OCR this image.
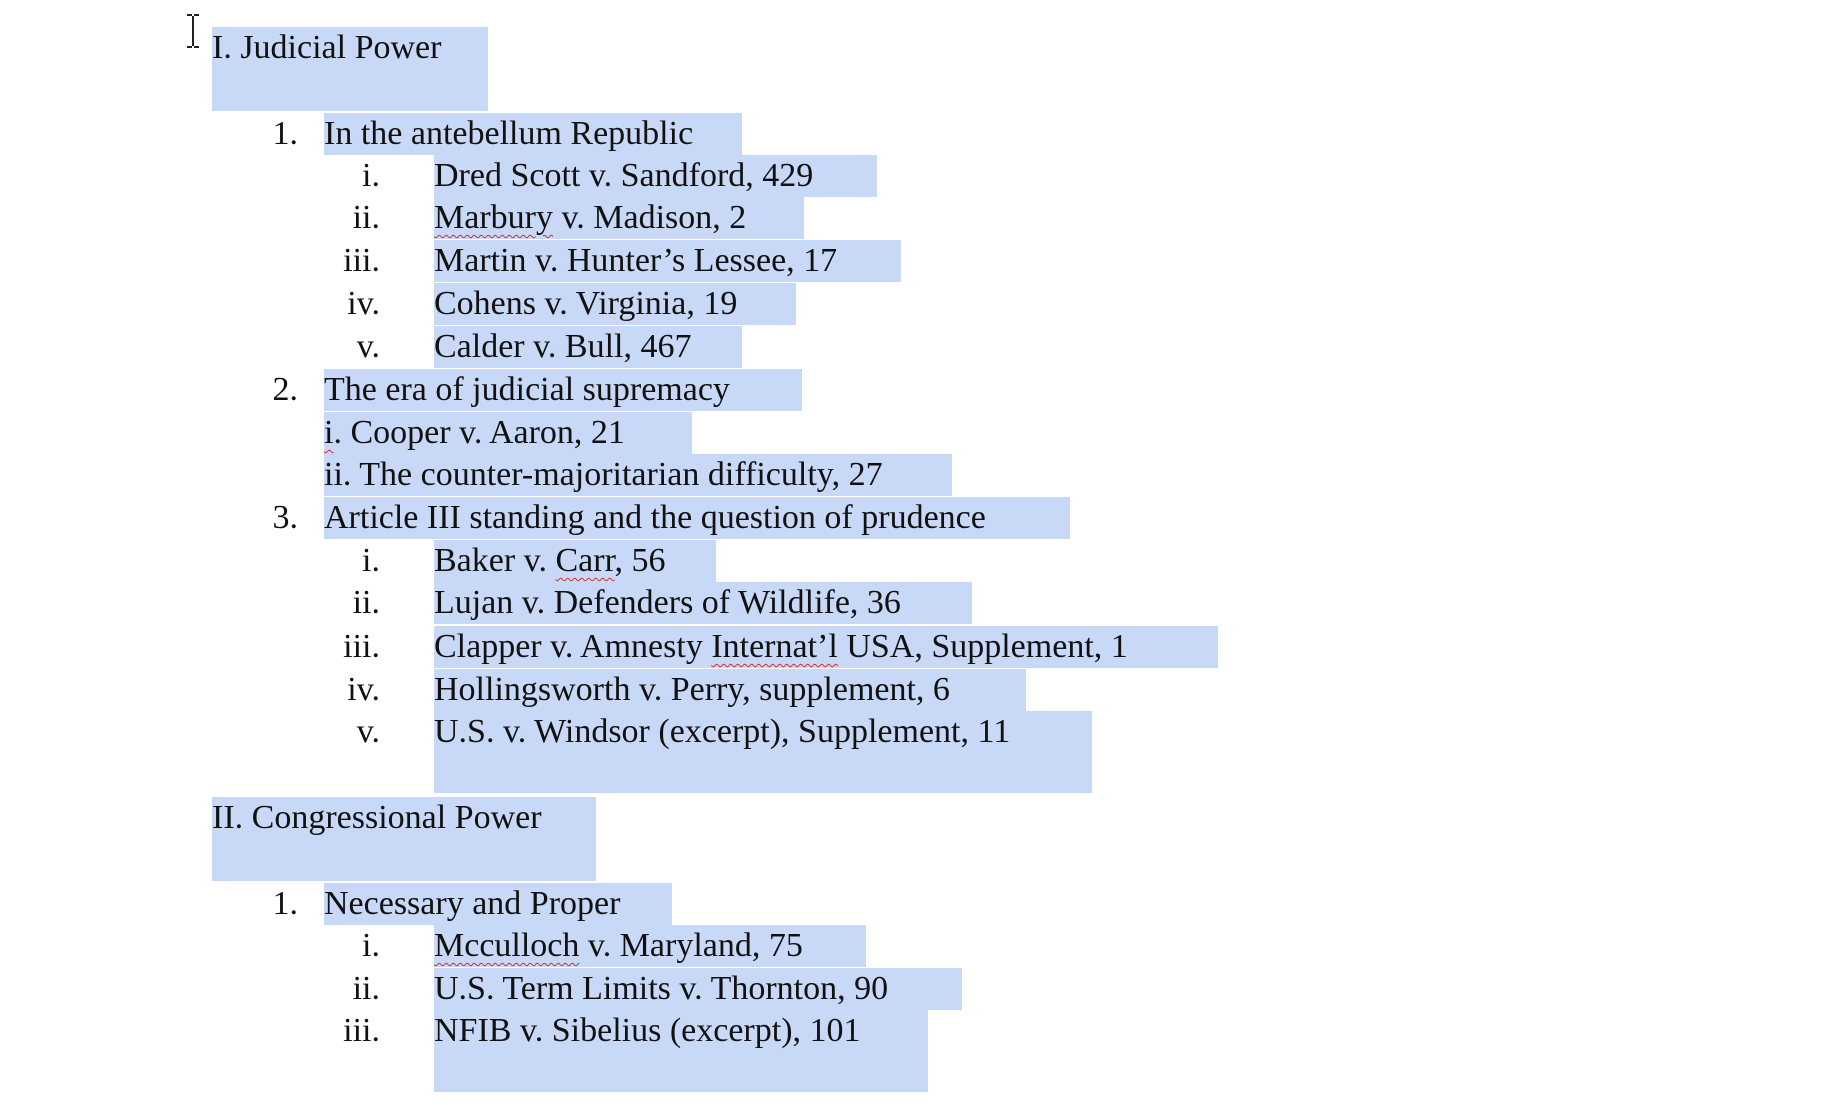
I. Judicial Power
1. In the antebellum Republic
i. Dred Scott v. Sandford, 429
ii. Marbury v. Madison, 2
iii. Martin v. Hunter’s Lessee, 17
iv. Cohens v. Virginia, 19
v. Calder v. Bull, 467
2. The era of judicial supremacy
i. Cooper v. Aaron, 21
ii. The counter-majoritarian difficulty, 27
3. Article III standing and the question of prudence
i. Baker v. Carr, 56
ii. Lujan v. Defenders of Wildlife, 36
iii. Clapper v. Amnesty Internat’l USA, Supplement, 1
iv. Hollingsworth v. Perry, supplement, 6
v. U.S. v. Windsor (excerpt), Supplement, 11
II. Congressional Power
1. Necessary and Proper
i. Mcculloch v. Maryland, 75
ii. U.S. Term Limits v. Thornton, 90
iii. NFIB v. Sibelius (excerpt), 101
